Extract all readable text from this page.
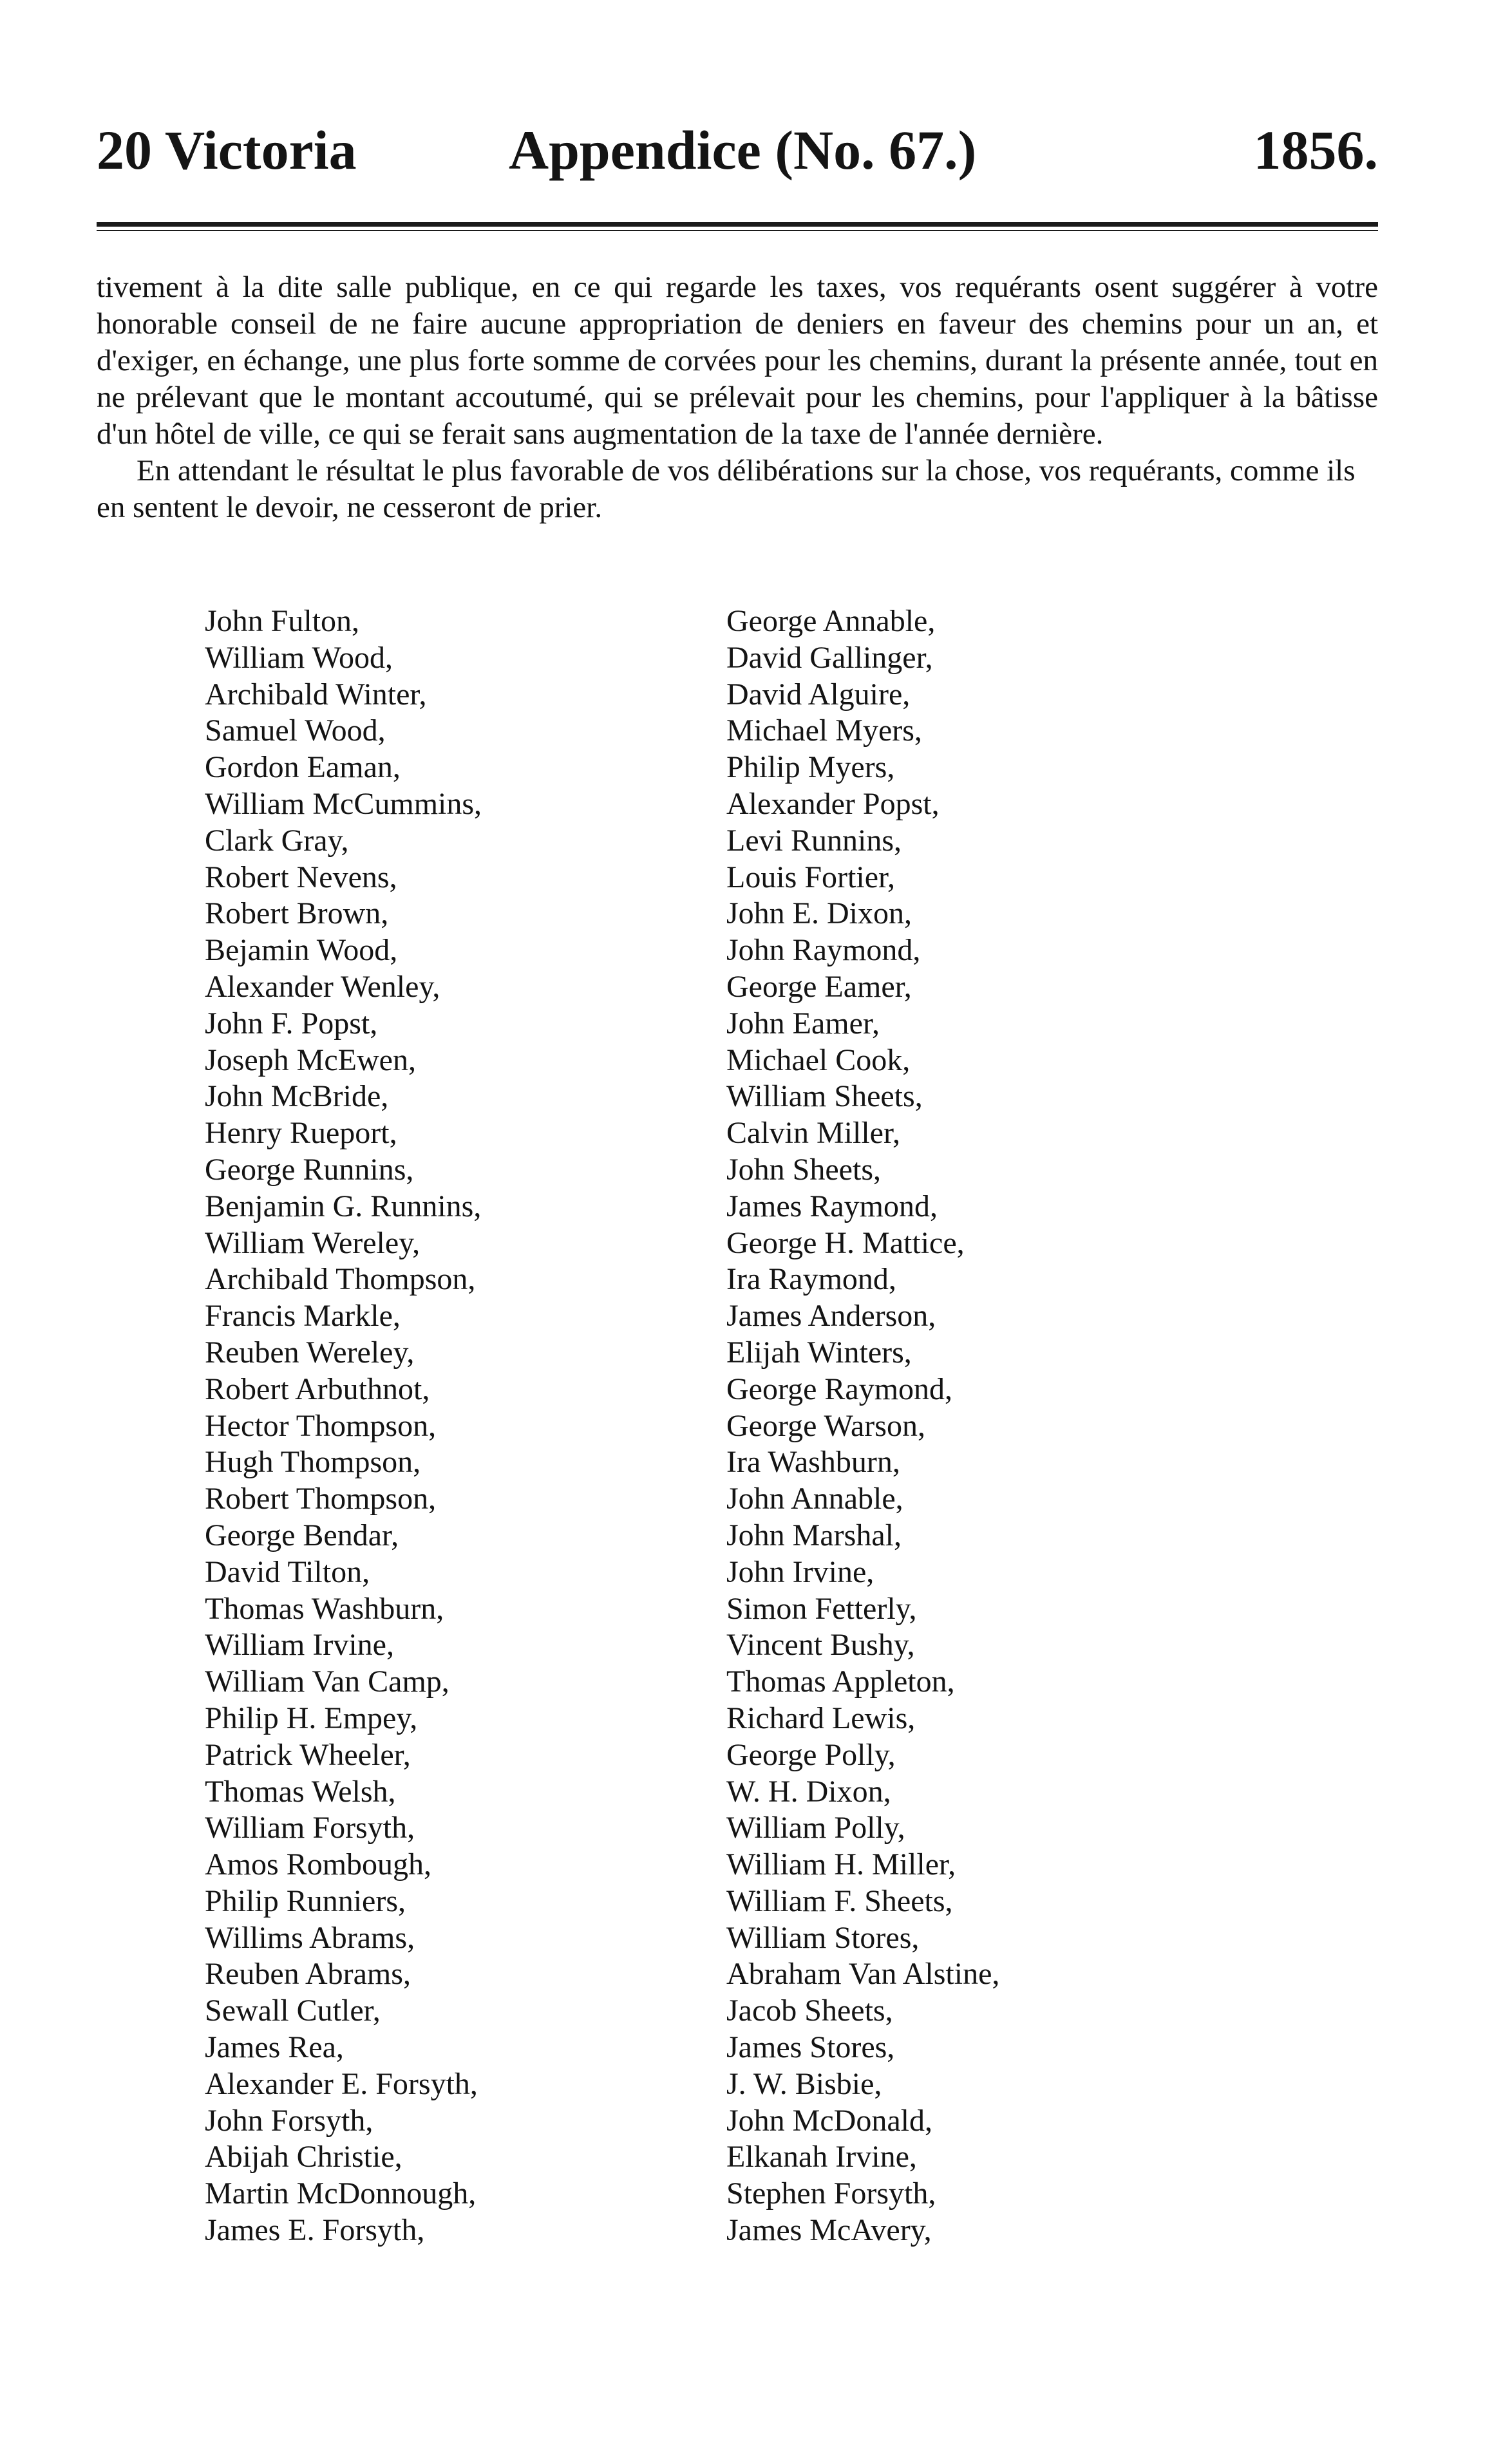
20 Victoria	Appendice (No. 67.)	1856.

tivement à la dite salle publique, en ce qui regarde les taxes, vos requérants osent suggérer à votre honorable conseil de ne faire aucune appropriation de deniers en faveur des chemins pour un an, et d'exiger, en échange, une plus forte somme de corvées pour les chemins, durant la présente année, tout en ne prélevant que le montant accoutumé, qui se prélevait pour les chemins, pour l'appliquer à la bâtisse d'un hôtel de ville, ce qui se ferait sans augmentation de la taxe de l'année dernière.

En attendant le résultat le plus favorable de vos délibérations sur la chose, vos requérants, comme ils en sentent le devoir, ne cesseront de prier.

John Fulton,
William Wood,
Archibald Winter,
Samuel Wood,
Gordon Eaman,
William McCummins,
Clark Gray,
Robert Nevens,
Robert Brown,
Bejamin Wood,
Alexander Wenley,
John F. Popst,
Joseph McEwen,
John McBride,
Henry Rueport,
George Runnins,
Benjamin G. Runnins,
William Wereley,
Archibald Thompson,
Francis Markle,
Reuben Wereley,
Robert Arbuthnot,
Hector Thompson,
Hugh Thompson,
Robert Thompson,
George Bendar,
David Tilton,
Thomas Washburn,
William Irvine,
William Van Camp,
Philip H. Empey,
Patrick Wheeler,
Thomas Welsh,
William Forsyth,
Amos Rombough,
Philip Runniers,
Willims Abrams,
Reuben Abrams,
Sewall Cutler,
James Rea,
Alexander E. Forsyth,
John Forsyth,
Abijah Christie,
Martin McDonnough,
James E. Forsyth,
George Annable,
David Gallinger,
David Alguire,
Michael Myers,
Philip Myers,
Alexander Popst,
Levi Runnins,
Louis Fortier,
John E. Dixon,
John Raymond,
George Eamer,
John Eamer,
Michael Cook,
William Sheets,
Calvin Miller,
John Sheets,
James Raymond,
George H. Mattice,
Ira Raymond,
James Anderson,
Elijah Winters,
George Raymond,
George Warson,
Ira Washburn,
John Annable,
John Marshal,
John Irvine,
Simon Fetterly,
Vincent Bushy,
Thomas Appleton,
Richard Lewis,
George Polly,
W. H. Dixon,
William Polly,
William H. Miller,
William F. Sheets,
William Stores,
Abraham Van Alstine,
Jacob Sheets,
James Stores,
J. W. Bisbie,
John McDonald,
Elkanah Irvine,
Stephen Forsyth,
James McAvery,
